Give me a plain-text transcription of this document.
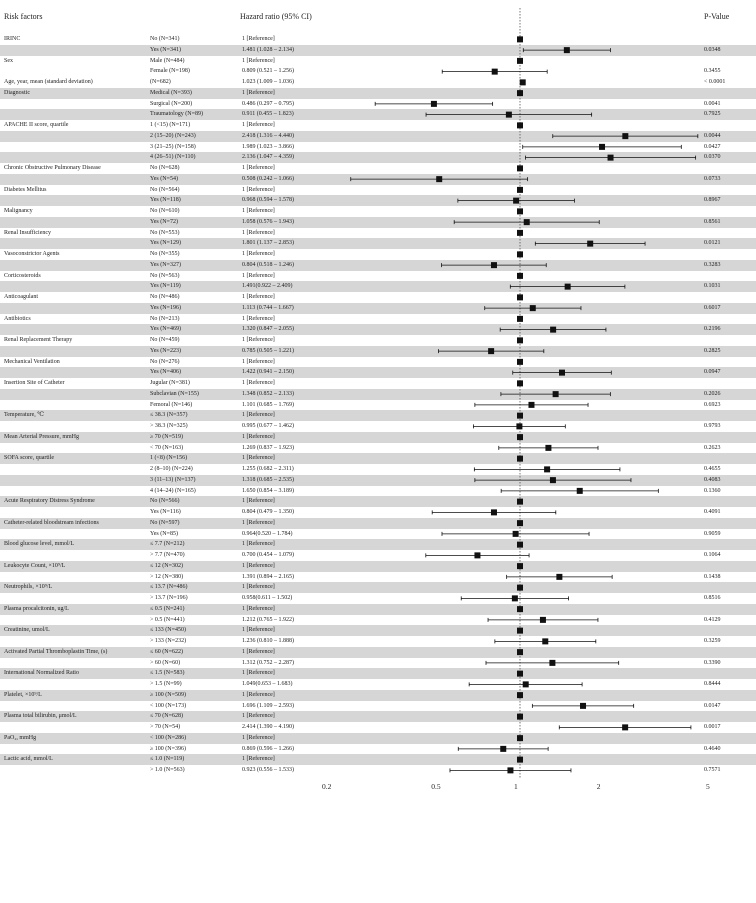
Risk factors	Hazard ratio (95% CI)	P-Value
IRINC	No (N=341)	1 [Reference]
Yes (N=341)	1.481 (1.028 – 2.134)	0.0348
Sex	Male (N=484)	1 [Reference]
Female (N=198)	0.809 (0.521 – 1.256)	0.3455
Age, year, mean (standard deviation)	(N=682)	1.023 (1.009 – 1.036)	< 0.0001
Diagnostic	Medical (N=393)	1 [Reference]
Surgical (N=200)	0.486 (0.297 – 0.795)	0.0041
Traumatology (N=89)	0.911 (0.455 – 1.823)	0.7925
APACHE II score, quartile	1 (<15) (N=171)	1 [Reference]
2 (15–20) (N=243)	2.418 (1.316 – 4.440)	0.0044
3 (21–25) (N=158)	1.989 (1.023 – 3.866)	0.0427
4 (26–51) (N=110)	2.136 (1.047 – 4.359)	0.0370
Chronic Obstructive Pulmonary Disease	No (N=628)	1 [Reference]
Yes (N=54)	0.508 (0.242 – 1.066)	0.0733
Diabetes Mellitus	No (N=564)	1 [Reference]
Yes (N=118)	0.968 (0.594 – 1.578)	0.8967
Malignancy	No (N=610)	1 [Reference]
Yes (N=72)	1.058 (0.576 – 1.943)	0.8561
Renal Insufficiency	No (N=553)	1 [Reference]
Yes (N=129)	1.801 (1.137 – 2.853)	0.0121
Vasoconstrictor Agents	No (N=355)	1 [Reference]
Yes (N=327)	0.804 (0.518 – 1.246)	0.3283
Corticosteroids	No (N=563)	1 [Reference]
Yes (N=119)	1.491(0.922 – 2.409)	0.1031
Anticoagulant	No (N=486)	1 [Reference]
Yes (N=196)	1.113 (0.744 – 1.667)	0.6017
Antibiotics	No (N=213)	1 [Reference]
Yes (N=469)	1.320 (0.847 – 2.055)	0.2196
Renal Replacement Therapy	No (N=459)	1 [Reference]
Yes (N=223)	0.785 (0.505 – 1.221)	0.2825
Mechanical Ventilation	No (N=276)	1 [Reference]
Yes (N=406)	1.422 (0.941 – 2.150)	0.0947
Insertion Site of Catheter	Jugular (N=381)	1 [Reference]
Subclavian (N=155)	1.348 (0.852 – 2.133)	0.2026
Femoral (N=146)	1.101 (0.685 – 1.769)	0.6923
Temperature, ℃	≤ 38.3 (N=357)	1 [Reference]
> 38.3 (N=325)	0.995 (0.677 – 1.462)	0.9793
Mean Arterial Pressure, mmHg	≥ 70 (N=519)	1 [Reference]
< 70 (N=163)	1.269 (0.837 – 1.923)	0.2623
SOFA score, quartile	1 (<8) (N=156)	1 [Reference]
2 (8–10) (N=224)	1.255 (0.682 – 2.311)	0.4655
3 (11–13) (N=137)	1.318 (0.685 – 2.535)	0.4083
4 (14–24) (N=165)	1.650 (0.854 – 3.189)	0.1360
Acute Respiratory Distress Syndrome	No (N=566)	1 [Reference]
Yes (N=116)	0.804 (0.479 – 1.350)	0.4091
Catheter-related bloodstream infections	No (N=597)	1 [Reference]
Yes (N=85)	0.964(0.520 – 1.784)	0.9059
Blood glucose level, mmol/L	≤ 7.7 (N=212)	1 [Reference]
> 7.7 (N=470)	0.700 (0.454 – 1.079)	0.1064
Leukocyte Count, ×10⁹/L	≤ 12 (N=302)	1 [Reference]
> 12 (N=380)	1.391 (0.894 – 2.165)	0.1438
Neutrophils, ×10⁹/L	≤ 13.7 (N=486)	1 [Reference]
> 13.7 (N=196)	0.958(0.611 – 1.502)	0.8516
Plasma procalcitonin, ug/L	≤ 0.5 (N=241)	1 [Reference]
> 0.5 (N=441)	1.212 (0.765 – 1.922)	0.4129
Creatinine, umol/L	≤ 133 (N=450)	1 [Reference]
> 133 (N=232)	1.236 (0.810 – 1.888)	0.3259
Activated Partial Thromboplastin Time, (s)	≤ 60 (N=622)	1 [Reference]
> 60 (N=60)	1.312 (0.752 – 2.287)	0.3390
International Normalized Ratio	≤ 1.5 (N=583)	1 [Reference]
> 1.5 (N=99)	1.049(0.653 – 1.683)	0.8444
Platelet, ×10⁹/L	≥ 100 (N=509)	1 [Reference]
< 100 (N=173)	1.696 (1.109 – 2.593)	0.0147
Plasma total bilirubin, μmol/L	≤ 70 (N=628)	1 [Reference]
> 70 (N=54)	2.414 (1.390 – 4.190)	0.0017
PaO₂, mmHg	< 100 (N=286)	1 [Reference]
≥ 100 (N=396)	0.869 (0.596 – 1.266)	0.4640
Lactic acid, mmol/L	≤ 1.0 (N=119)	1 [Reference]
> 1.0 (N=563)	0.923 (0.556 – 1.533)	0.7571
0.2	0.5	1	2	5
